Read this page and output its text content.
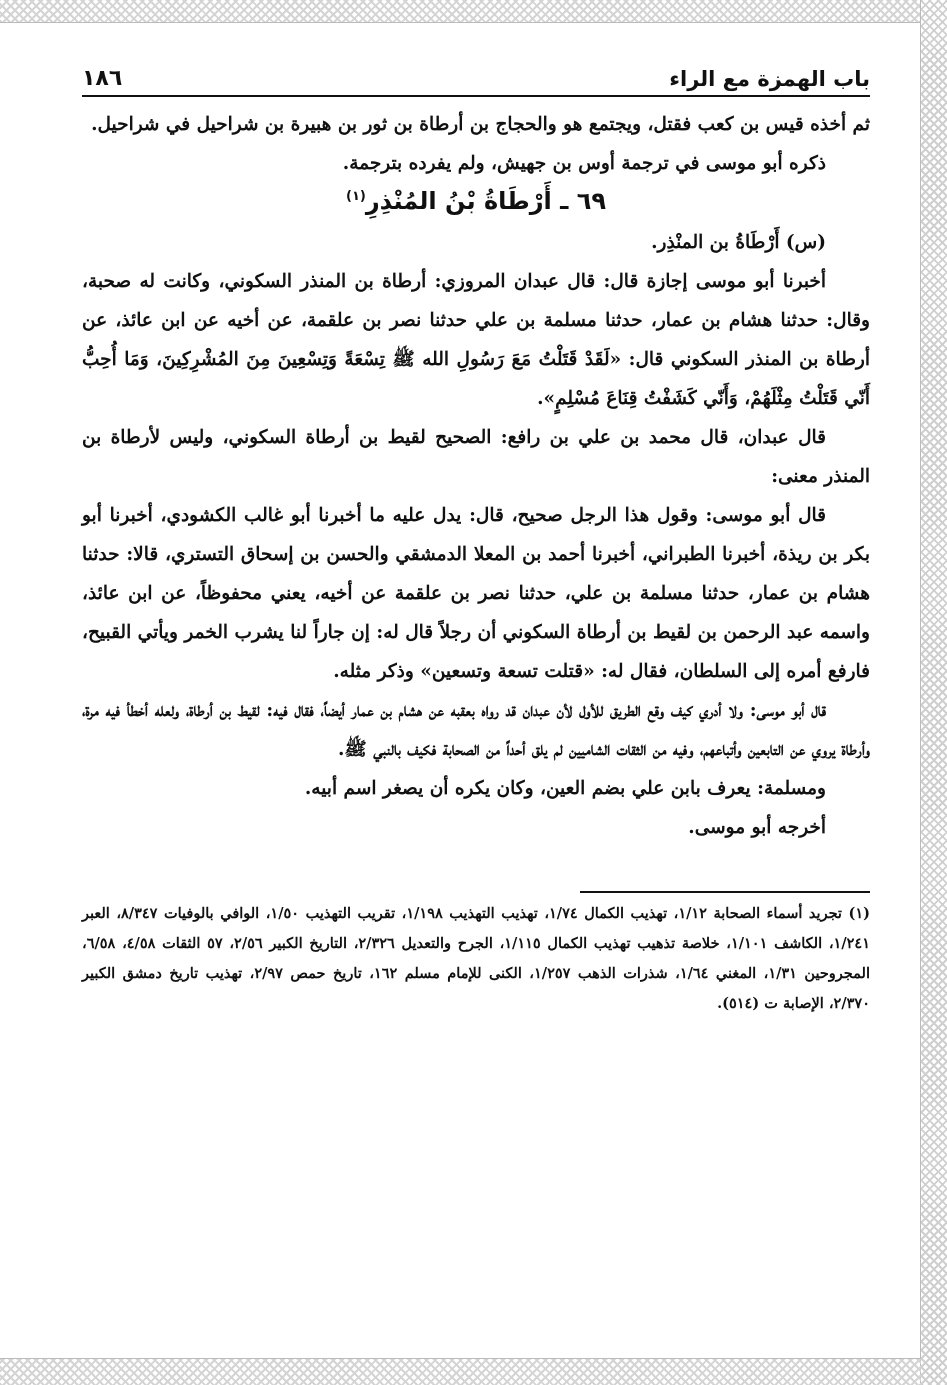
باب الهمزة مع الراء
١٨٦

ثم أخذه قيس بن كعب فقتل، ويجتمع هو والحجاج بن أرطاة بن ثور بن هبيرة بن شراحيل في شراحيل.

ذكره أبو موسى في ترجمة أوس بن جهيش، ولم يفرده بترجمة.

٦٩ ـ أَرْطَاةُ بْنُ المُنْذِرِ$^{(١)}$

(س) أَرْطَاةُ بن المنْذِر.

أخبرنا أبو موسى إجازة قال: قال عبدان المروزي: أرطاة بن المنذر السكوني، وكانت له صحبة، وقال: حدثنا هشام بن عمار، حدثنا مسلمة بن علي حدثنا نصر بن علقمة، عن أخيه عن ابن عائذ، عن أرطاة بن المنذر السكوني قال: «لَقَدْ قَتَلْتُ مَعَ رَسُولِ الله ﷺ تِسْعَةً وَتِسْعِينَ مِنَ المُشْرِكِينَ، وَمَا أُحِبُّ أَنّي قَتَلْتُ مِثْلَهُمْ، وَأَنّي كَشَفْتُ قِنَاعَ مُسْلِمٍ».

قال عبدان، قال محمد بن علي بن رافع: الصحيح لقيط بن أرطاة السكوني، وليس لأرطاة بن المنذر معنى:

قال أبو موسى: وقول هذا الرجل صحيح، قال: يدل عليه ما أخبرنا أبو غالب الكشودي، أخبرنا أبو بكر بن ريذة، أخبرنا الطبراني، أخبرنا أحمد بن المعلا الدمشقي والحسن بن إسحاق التستري، قالا: حدثنا هشام بن عمار، حدثنا مسلمة بن علي، حدثنا نصر بن علقمة عن أخيه، يعني محفوظاً، عن ابن عائذ، واسمه عبد الرحمن بن لقيط بن أرطاة السكوني أن رجلاً قال له: إن جاراً لنا يشرب الخمر ويأتي القبيح، فارفع أمره إلى السلطان، فقال له: «قتلت تسعة وتسعين» وذكر مثله.

قال أبو موسى: ولا أدري كيف وقع الطريق للأول لأن عبدان قد رواه بعقبه عن هشام بن عمار أيضاً، فقال فيه: لقيط بن أرطاة، ولعله أخطأ فيه مرة، وأرطاة يروي عن التابعين وأتباعهم، وفيه من الثقات الشاميين لم يلق أحداً من الصحابة فكيف بالنبي ﷺ.

ومسلمة: يعرف بابن علي بضم العين، وكان يكره أن يصغر اسم أبيه.

أخرجه أبو موسى.

(١) تجريد أسماء الصحابة ١/١٢، تهذيب الكمال ١/٧٤، تهذيب التهذيب ١/١٩٨، تقريب التهذيب ١/٥٠، الوافي بالوفيات ٨/٣٤٧، العبر ١/٢٤١، الكاشف ١/١٠١، خلاصة تذهيب تهذيب الكمال ١/١١٥، الجرح والتعديل ٢/٣٢٦، التاريخ الكبير ٢/٥٦، ٥٧ الثقات ٤/٥٨، ٦/٥٨، المجروحين ١/٣١، المغني ١/٦٤، شذرات الذهب ١/٢٥٧، الكنى للإمام مسلم ١٦٢، تاريخ حمص ٢/٩٧، تهذيب تاريخ دمشق الكبير ٢/٣٧٠، الإصابة ت (٥١٤).
